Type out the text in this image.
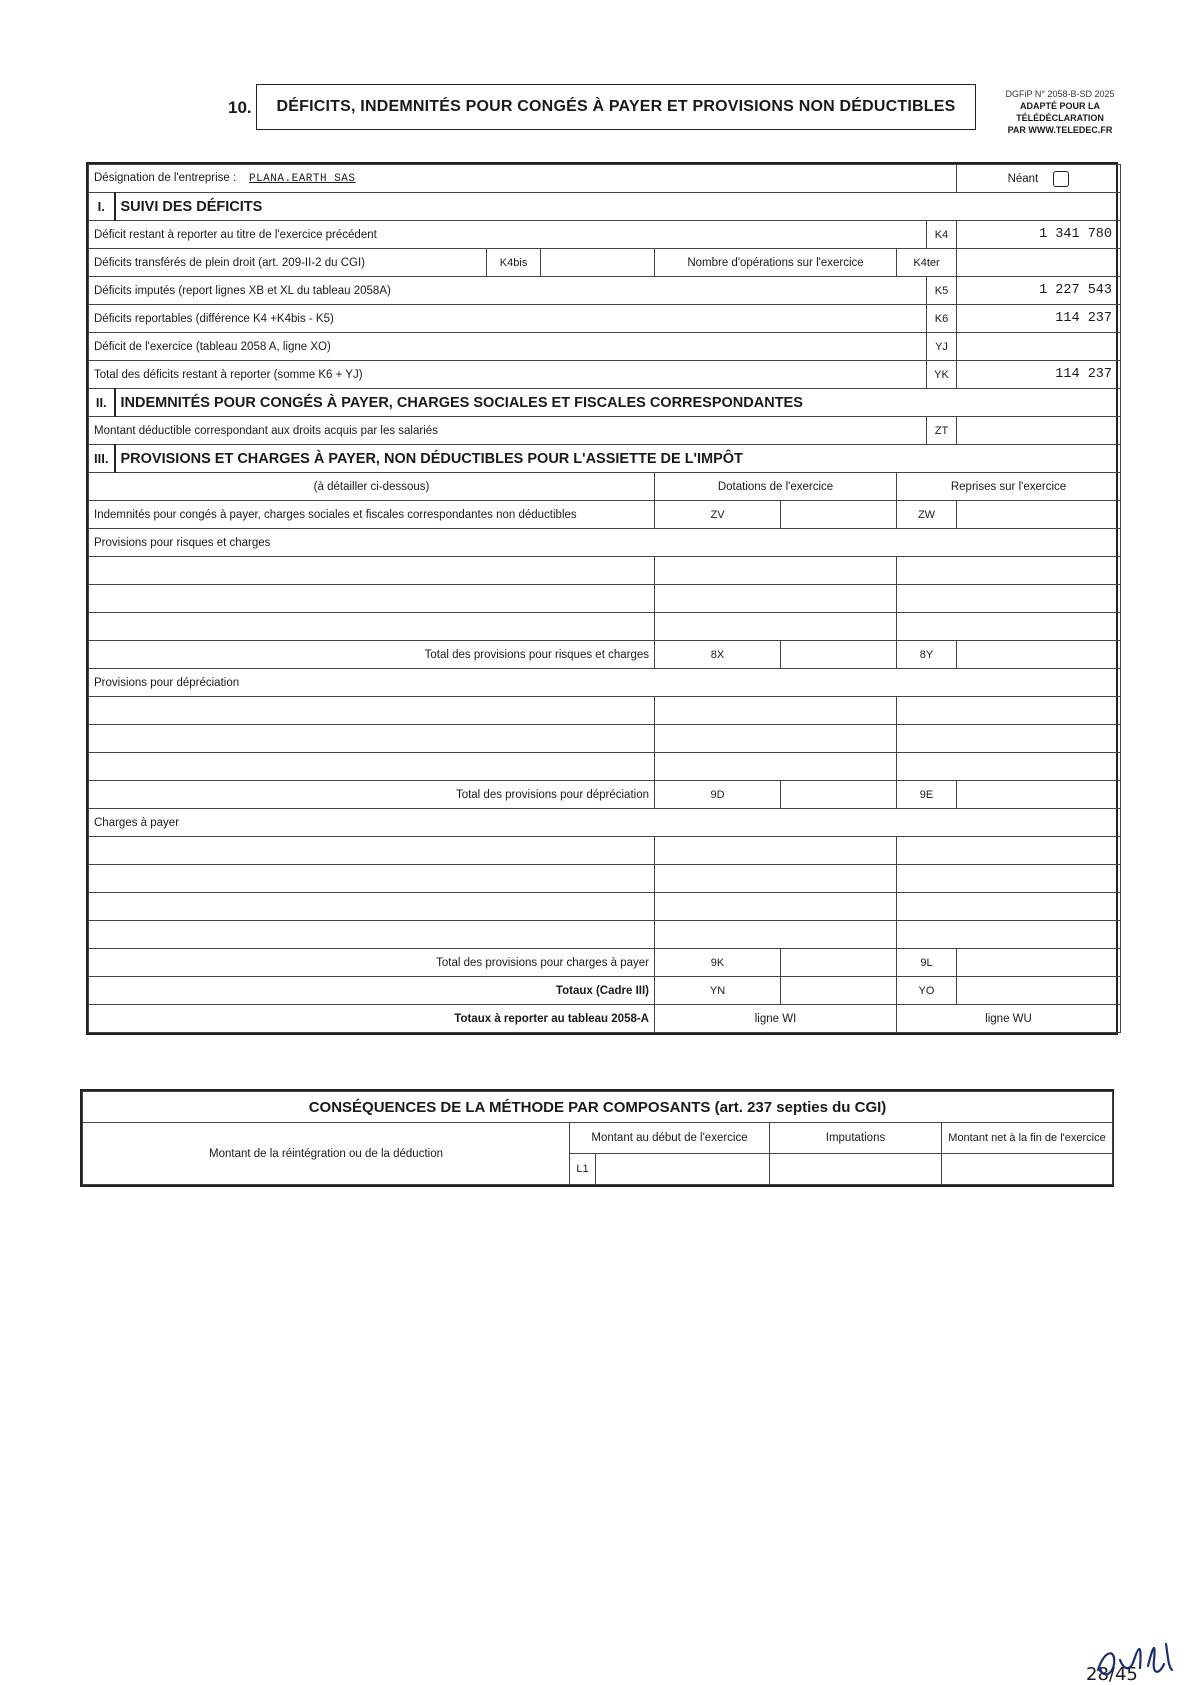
10.	DÉFICITS, INDEMNITÉS POUR CONGÉS À PAYER ET PROVISIONS NON DÉDUCTIBLES
DGFiP N° 2058-B-SD 2025
ADAPTÉ POUR LA
TÉLÉDÉCLARATION
PAR WWW.TELEDEC.FR
Désignation de l'entreprise : PLANA.EARTH SAS								Néant
I.	SUIVI DES DÉFICITS							
Déficit restant à reporter au titre de l'exercice précédent							K4	1 341 780
Déficits transférés de plein droit (art. 209-II-2 du CGI)		K4bis		Nombre d'opérations sur l'exercice		K4ter		
Déficits imputés (report lignes XB et XL du tableau 2058A)							K5	1 227 543
Déficits reportables (différence K4 +K4bis - K5)							K6	114 237
Déficit de l'exercice (tableau 2058 A, ligne XO)							YJ	
Total des déficits restant à reporter (somme K6 + YJ)							YK	114 237
II.	INDEMNITÉS POUR CONGÉS À PAYER, CHARGES SOCIALES ET FISCALES CORRESPONDANTES							
Montant déductible correspondant aux droits acquis par les salariés							ZT	
III.	PROVISIONS ET CHARGES À PAYER, NON DÉDUCTIBLES POUR L'ASSIETTE DE L'IMPÔT							
(à détailler ci-dessous)				Dotations de l'exercice		Reprises sur l'exercice		
Indemnités pour congés à payer, charges sociales et fiscales correspondantes non déductibles				ZV		ZW		
Provisions pour risques et charges								

Total des provisions pour risques et charges				8X		8Y		
Provisions pour dépréciation								

Total des provisions pour dépréciation				9D		9E		
Charges à payer								

Total des provisions pour charges à payer				9K		9L		
Totaux (Cadre III)				YN		YO		
Totaux à reporter au tableau 2058-A				ligne WI		ligne WU		
CONSÉQUENCES DE LA MÉTHODE PAR COMPOSANTS (art. 237 septies du CGI)				
Montant de la réintégration ou de la déduction	Montant au début de l'exercice		Imputations	Montant net à la fin de l'exercice
	L1			
28/45
